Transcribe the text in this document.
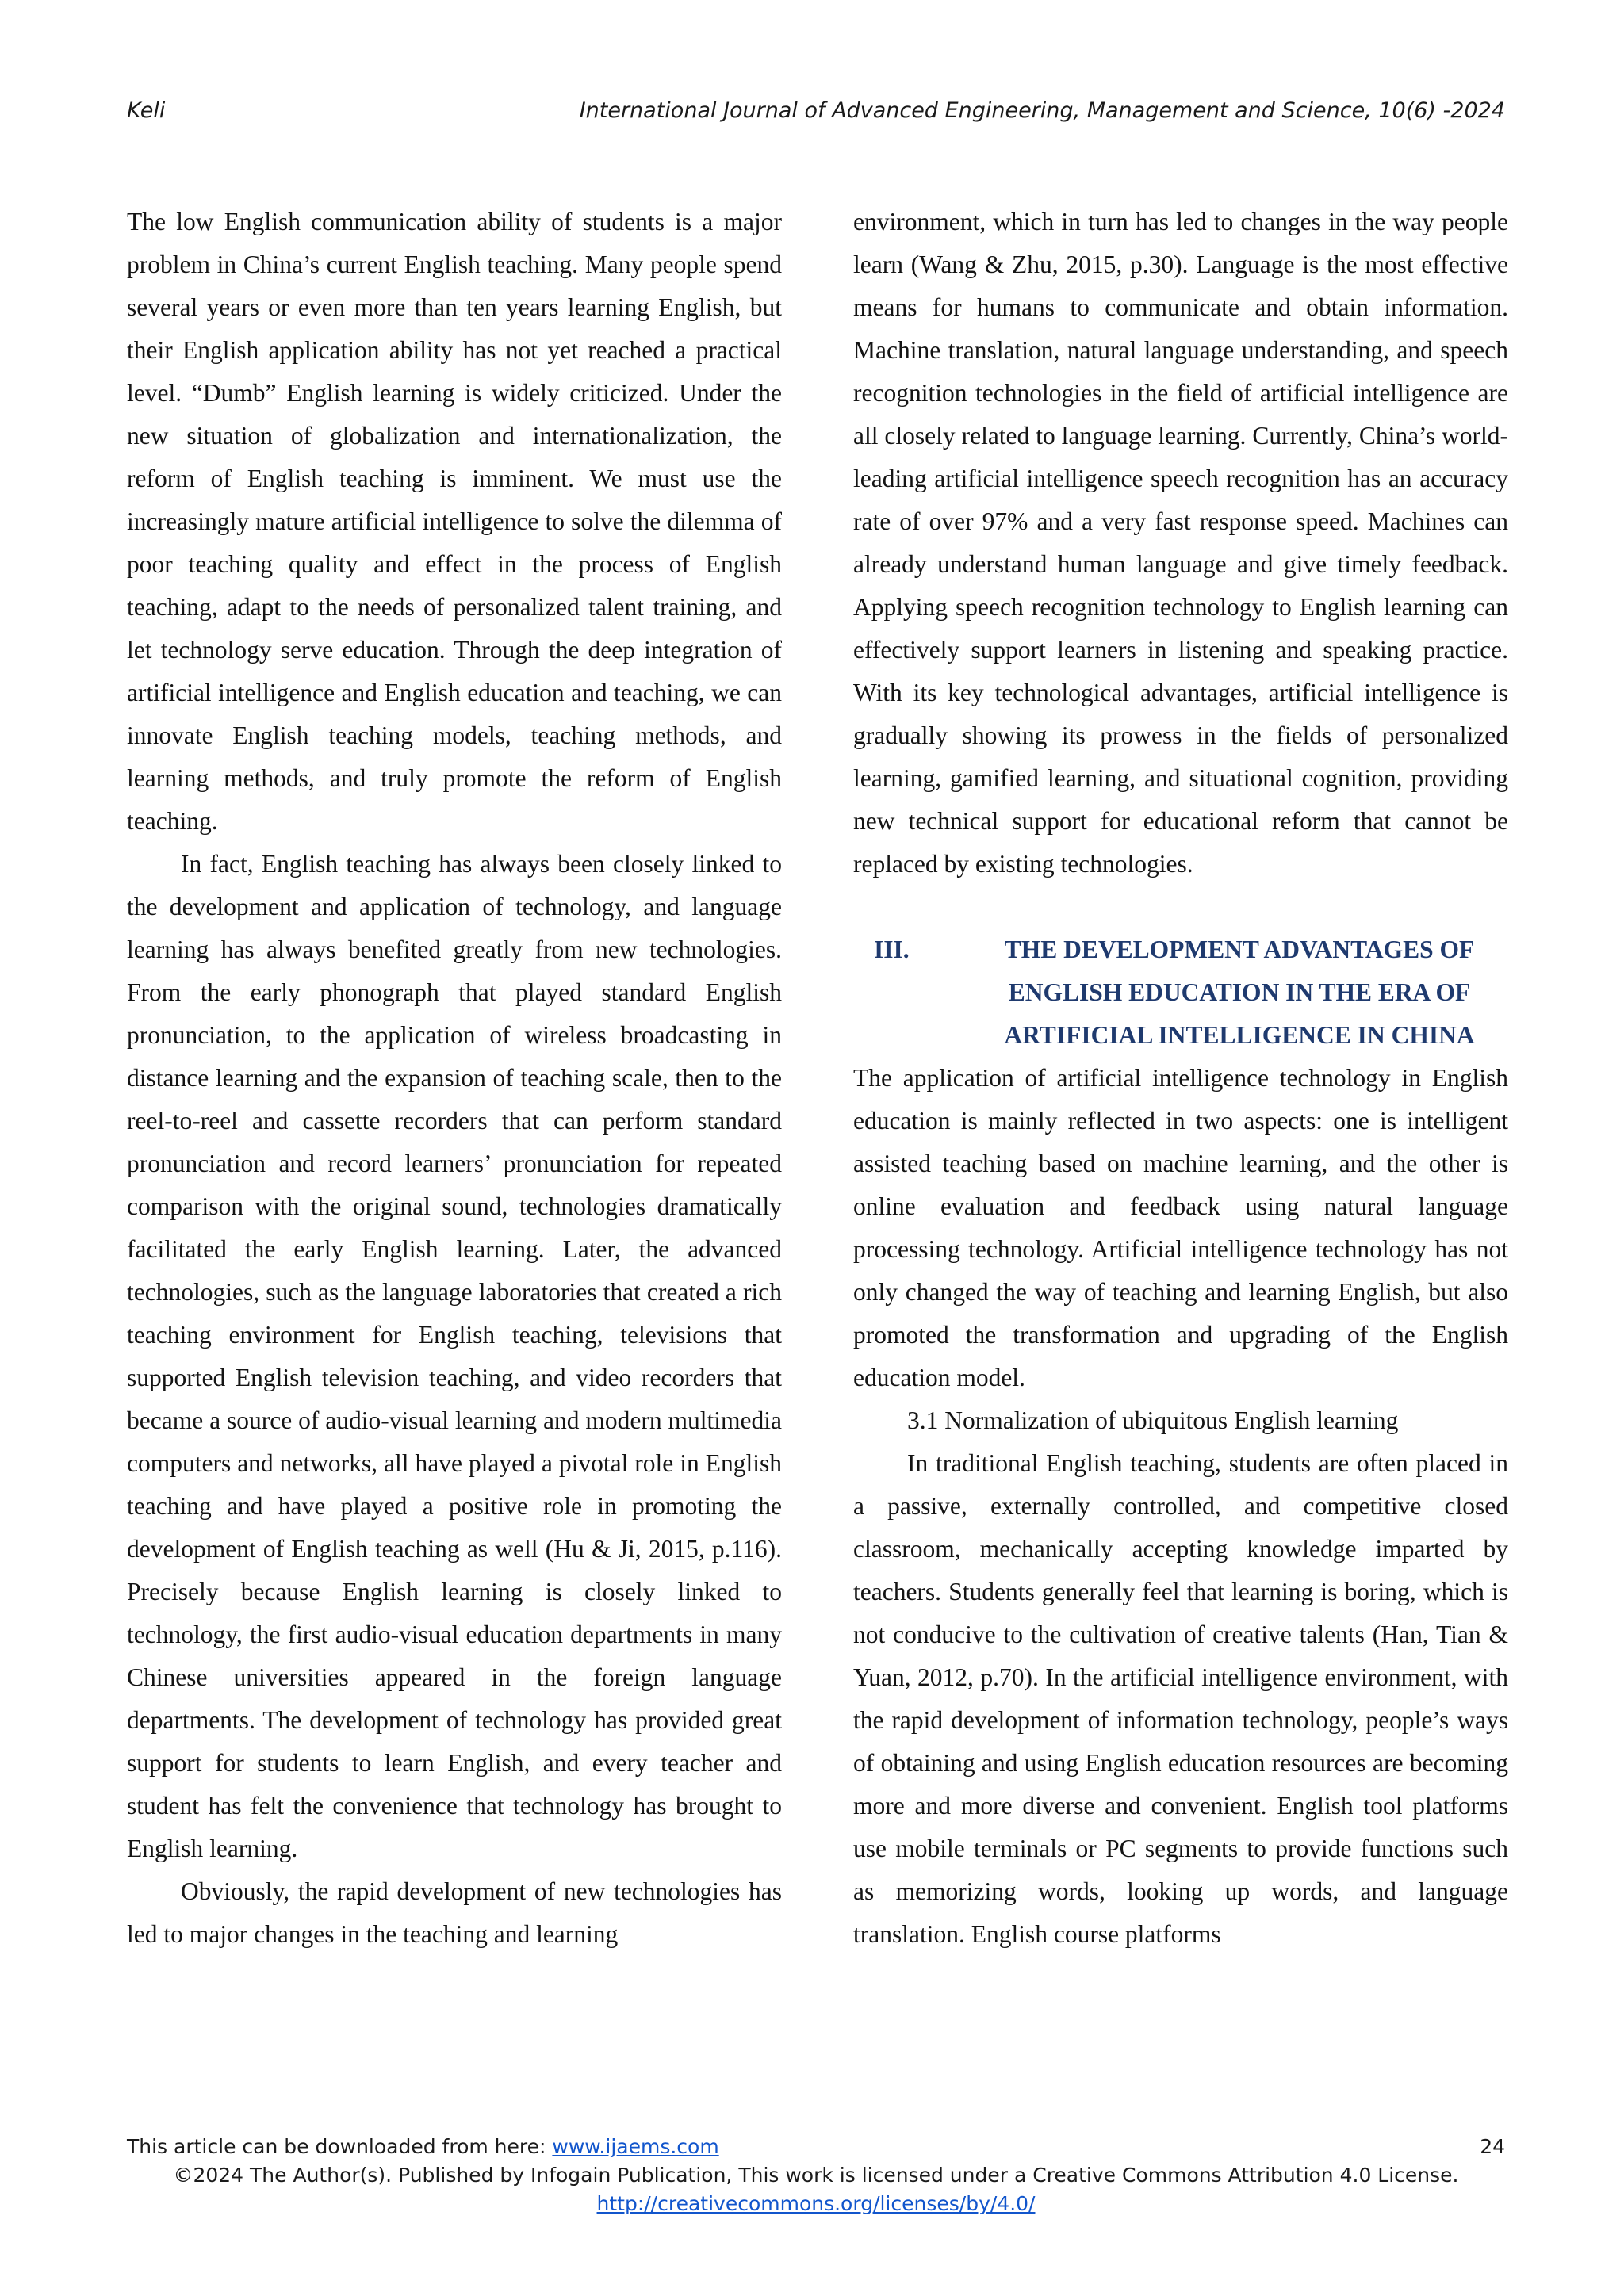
Keli	International Journal of Advanced Engineering, Management and Science, 10(6) -2024

The low English communication ability of students is a major problem in China’s current English teaching. Many people spend several years or even more than ten years learning English, but their English application ability has not yet reached a practical level. “Dumb” English learning is widely criticized. Under the new situation of globalization and internationalization, the reform of English teaching is imminent. We must use the increasingly mature artificial intelligence to solve the dilemma of poor teaching quality and effect in the process of English teaching, adapt to the needs of personalized talent training, and let technology serve education. Through the deep integration of artificial intelligence and English education and teaching, we can innovate English teaching models, teaching methods, and learning methods, and truly promote the reform of English teaching.

In fact, English teaching has always been closely linked to the development and application of technology, and language learning has always benefited greatly from new technologies. From the early phonograph that played standard English pronunciation, to the application of wireless broadcasting in distance learning and the expansion of teaching scale, then to the reel-to-reel and cassette recorders that can perform standard pronunciation and record learners’ pronunciation for repeated comparison with the original sound, technologies dramatically facilitated the early English learning. Later, the advanced technologies, such as the language laboratories that created a rich teaching environment for English teaching, televisions that supported English television teaching, and video recorders that became a source of audio-visual learning and modern multimedia computers and networks, all have played a pivotal role in English teaching and have played a positive role in promoting the development of English teaching as well (Hu & Ji, 2015, p.116). Precisely because English learning is closely linked to technology, the first audio-visual education departments in many Chinese universities appeared in the foreign language departments. The development of technology has provided great support for students to learn English, and every teacher and student has felt the convenience that technology has brought to English learning.

Obviously, the rapid development of new technologies has led to major changes in the teaching and learning

environment, which in turn has led to changes in the way people learn (Wang & Zhu, 2015, p.30). Language is the most effective means for humans to communicate and obtain information. Machine translation, natural language understanding, and speech recognition technologies in the field of artificial intelligence are all closely related to language learning. Currently, China’s world-leading artificial intelligence speech recognition has an accuracy rate of over 97% and a very fast response speed. Machines can already understand human language and give timely feedback. Applying speech recognition technology to English learning can effectively support learners in listening and speaking practice. With its key technological advantages, artificial intelligence is gradually showing its prowess in the fields of personalized learning, gamified learning, and situational cognition, providing new technical support for educational reform that cannot be replaced by existing technologies.

III.	THE DEVELOPMENT ADVANTAGES OF ENGLISH EDUCATION IN THE ERA OF ARTIFICIAL INTELLIGENCE IN CHINA

The application of artificial intelligence technology in English education is mainly reflected in two aspects: one is intelligent assisted teaching based on machine learning, and the other is online evaluation and feedback using natural language processing technology. Artificial intelligence technology has not only changed the way of teaching and learning English, but also promoted the transformation and upgrading of the English education model.

3.1 Normalization of ubiquitous English learning

In traditional English teaching, students are often placed in a passive, externally controlled, and competitive closed classroom, mechanically accepting knowledge imparted by teachers. Students generally feel that learning is boring, which is not conducive to the cultivation of creative talents (Han, Tian & Yuan, 2012, p.70). In the artificial intelligence environment, with the rapid development of information technology, people’s ways of obtaining and using English education resources are becoming more and more diverse and convenient. English tool platforms use mobile terminals or PC segments to provide functions such as memorizing words, looking up words, and language translation. English course platforms

This article can be downloaded from here: www.ijaems.com	24
©2024 The Author(s). Published by Infogain Publication, This work is licensed under a Creative Commons Attribution 4.0 License.
http://creativecommons.org/licenses/by/4.0/
